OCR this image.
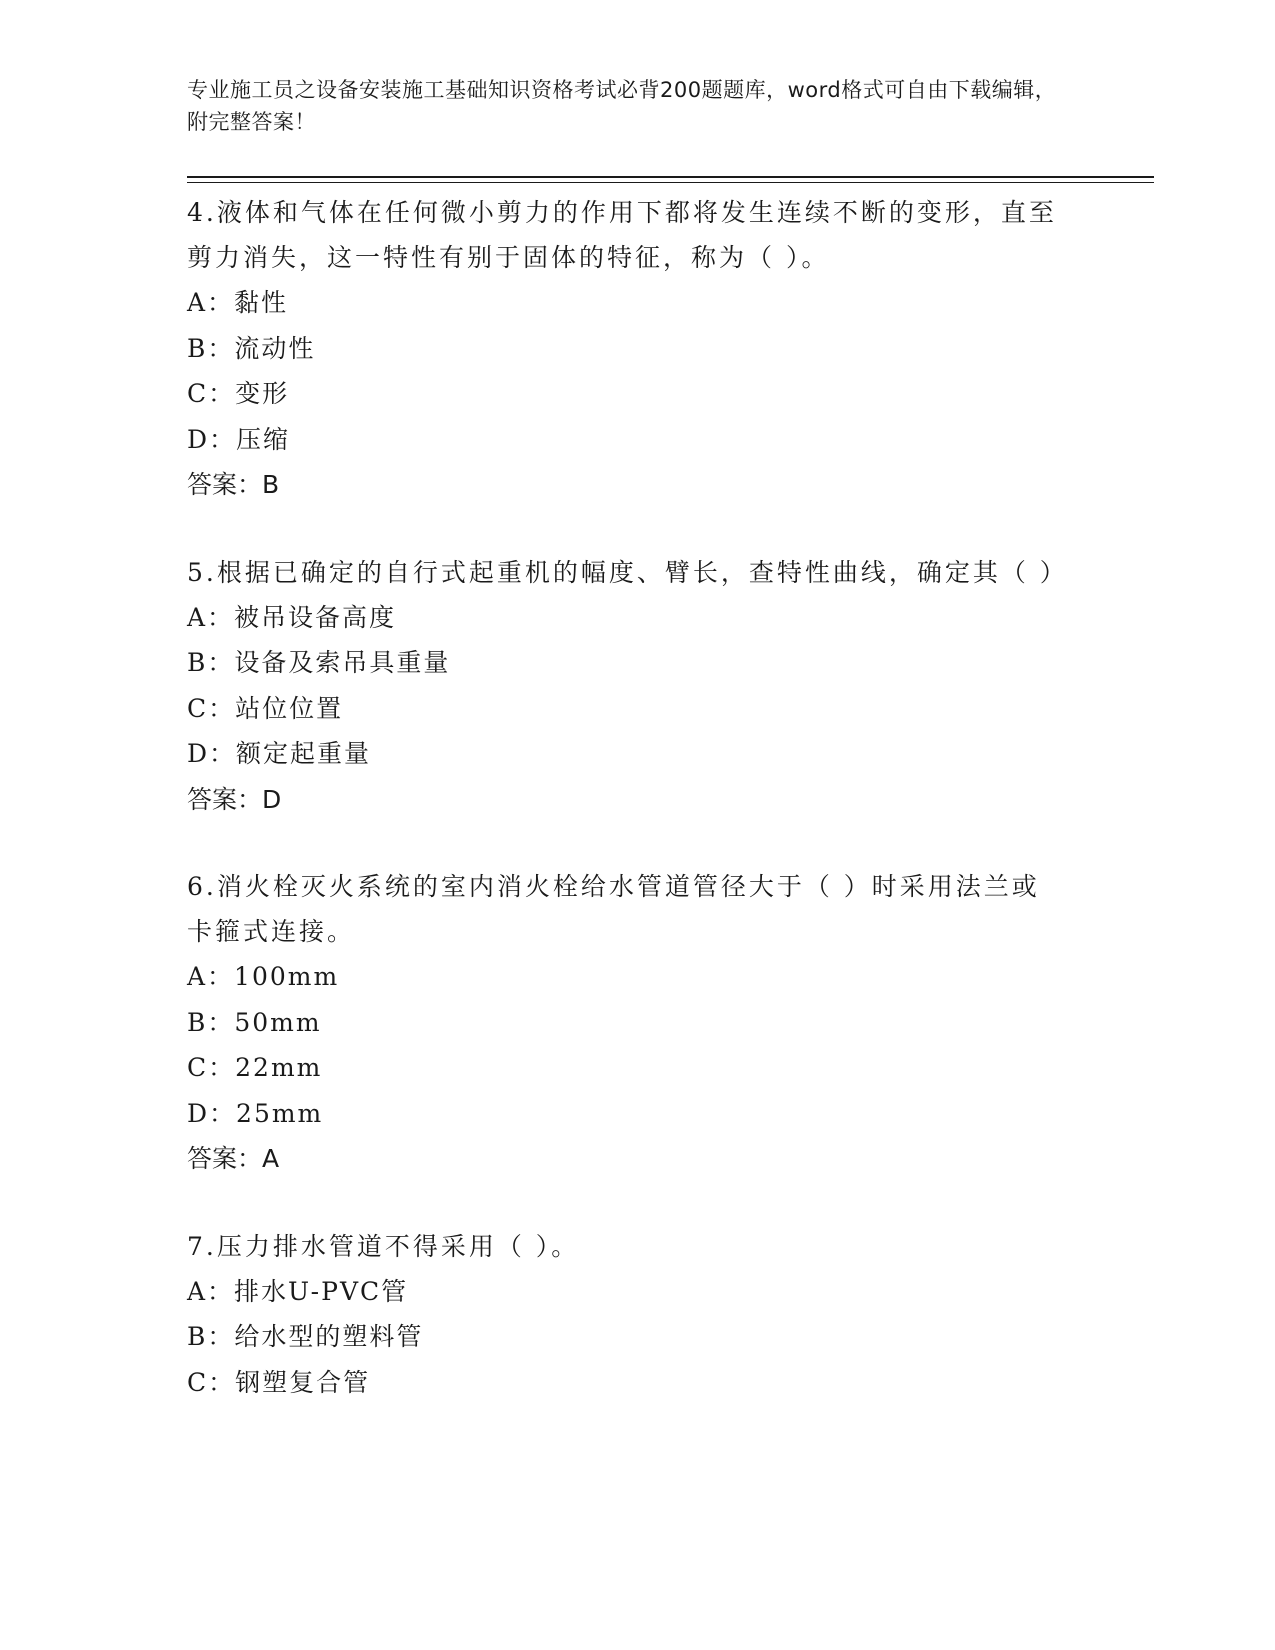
专业施工员之设备安装施工基础知识资格考试必背200题题库，word格式可自由下载编辑，附完整答案！

4.液体和气体在任何微小剪力的作用下都将发生连续不断的变形，直至剪力消失，这一特性有别于固体的特征，称为（ ）。

A：黏性

B：流动性

C：变形

D：压缩

答案：B

5.根据已确定的自行式起重机的幅度、臂长，查特性曲线，确定其（ ）

A：被吊设备高度

B：设备及索吊具重量

C：站位位置

D：额定起重量

答案：D

6.消火栓灭火系统的室内消火栓给水管道管径大于（ ）时采用法兰或卡箍式连接。

A：100mm

B：50mm

C：22mm

D：25mm

答案：A

7.压力排水管道不得采用（ ）。

A：排水U-PVC管

B：给水型的塑料管

C：钢塑复合管
